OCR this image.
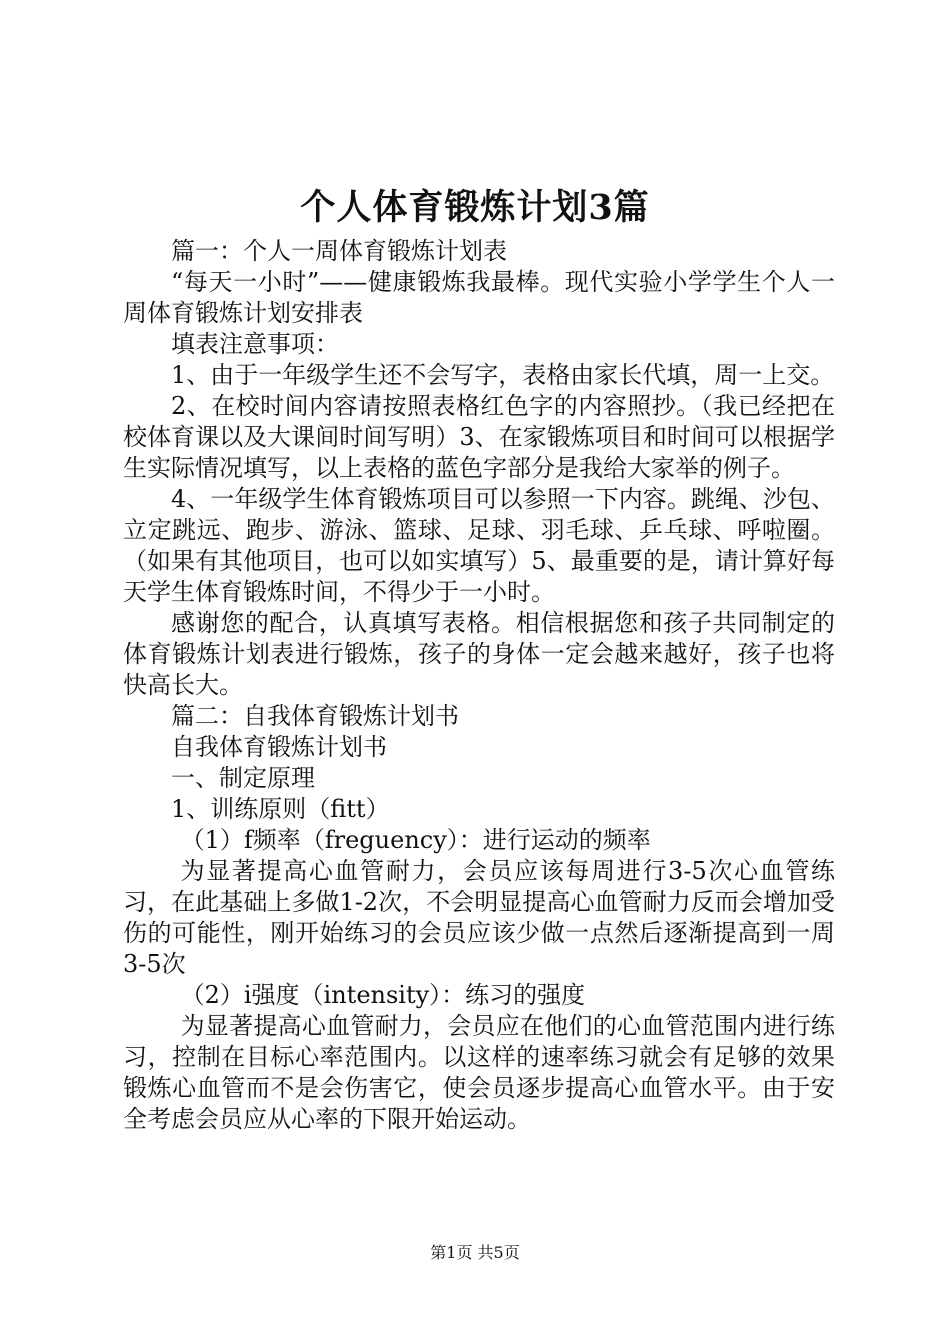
个人体育锻炼计划3篇

篇一：个人一周体育锻炼计划表

“每天一小时”——健康锻炼我最棒。现代实验小学学生个人一周体育锻炼计划安排表

填表注意事项：

1、由于一年级学生还不会写字，表格由家长代填，周一上交。

2、在校时间内容请按照表格红色字的内容照抄。（我已经把在校体育课以及大课间时间写明）3、在家锻炼项目和时间可以根据学生实际情况填写，以上表格的蓝色字部分是我给大家举的例子。

4、一年级学生体育锻炼项目可以参照一下内容。跳绳、沙包、立定跳远、跑步、游泳、篮球、足球、羽毛球、乒乓球、呼啦圈。（如果有其他项目，也可以如实填写）5、最重要的是，请计算好每天学生体育锻炼时间，不得少于一小时。

感谢您的配合，认真填写表格。相信根据您和孩子共同制定的体育锻炼计划表进行锻炼，孩子的身体一定会越来越好，孩子也将快高长大。

篇二：自我体育锻炼计划书

自我体育锻炼计划书

一、制定原理

1、训练原则（fitt）

（1）f频率（freguency）：进行运动的频率

为显著提高心血管耐力，会员应该每周进行3-5次心血管练习，在此基础上多做1-2次，不会明显提高心血管耐力反而会增加受伤的可能性，刚开始练习的会员应该少做一点然后逐渐提高到一周3-5次

（2）i强度（intensity）：练习的强度

为显著提高心血管耐力，会员应在他们的心血管范围内进行练习，控制在目标心率范围内。以这样的速率练习就会有足够的效果锻炼心血管而不是会伤害它，使会员逐步提高心血管水平。由于安全考虑会员应从心率的下限开始运动。

第1页 共5页
